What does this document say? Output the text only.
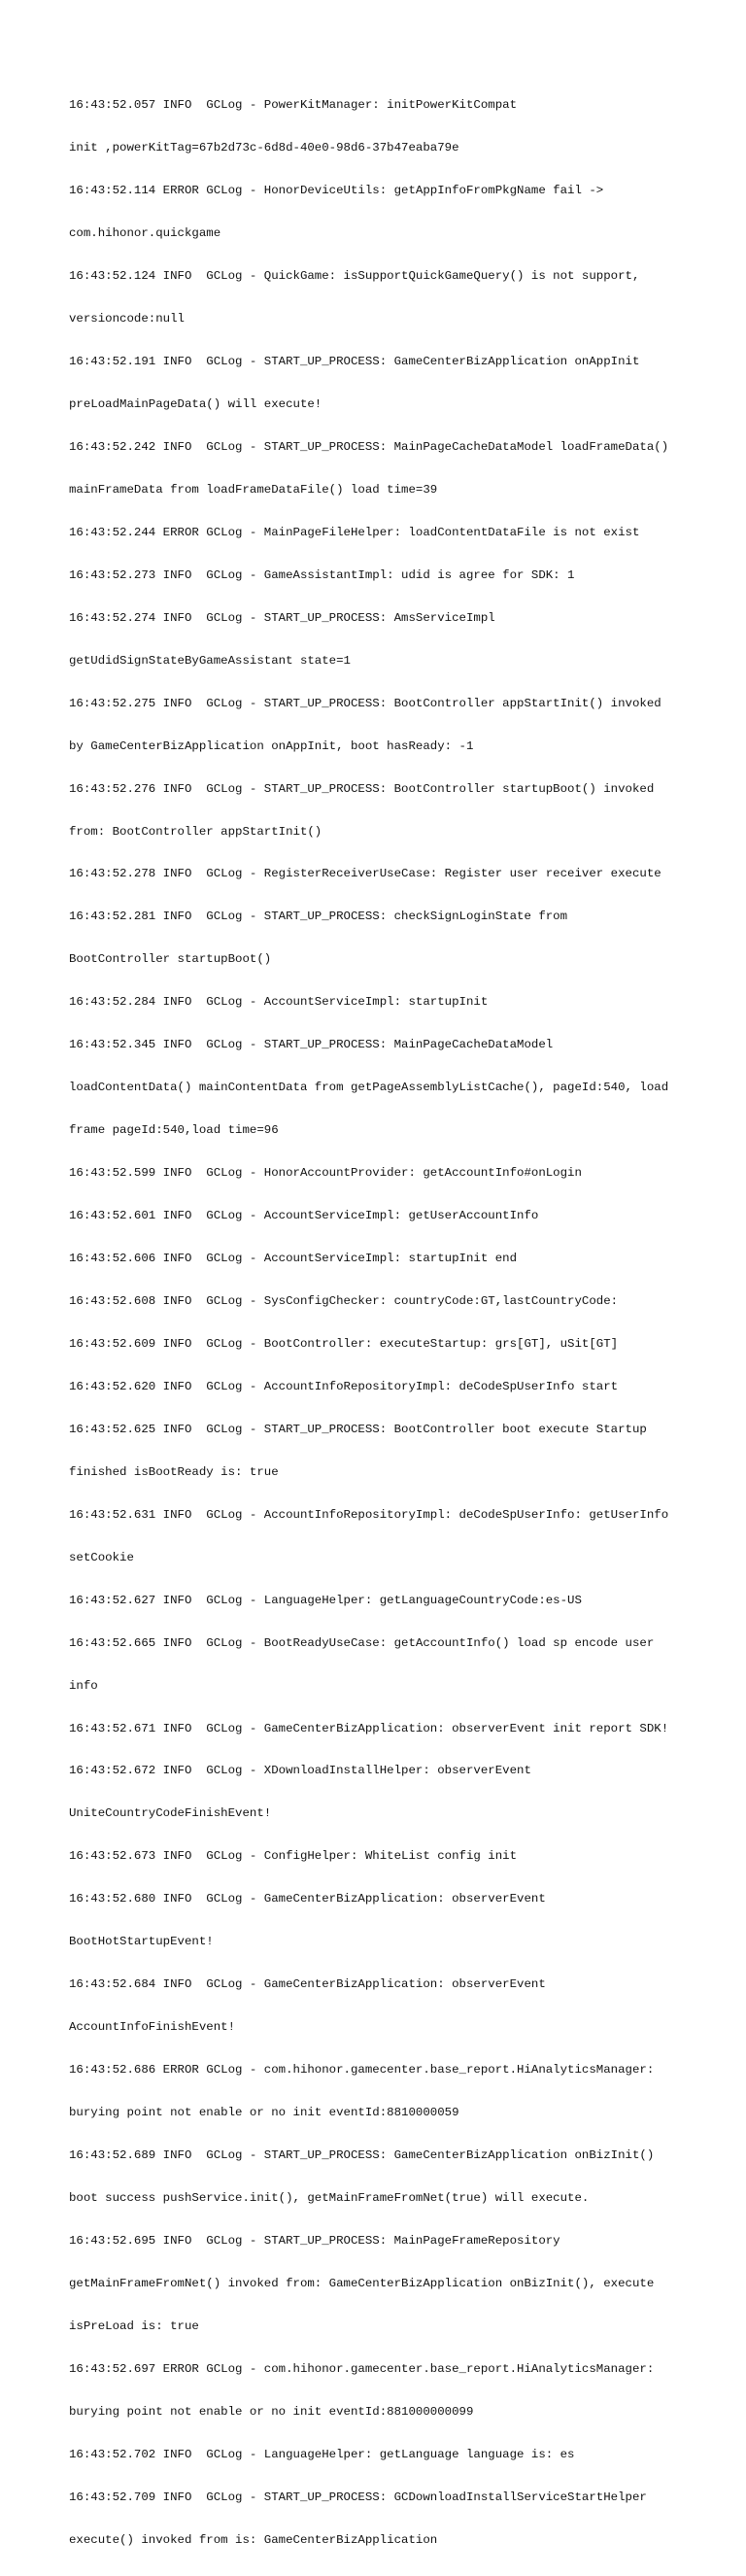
16:43:52.057 INFO  GCLog - PowerKitManager: initPowerKitCompat

init ,powerKitTag=67b2d73c-6d8d-40e0-98d6-37b47eaba79e

16:43:52.114 ERROR GCLog - HonorDeviceUtils: getAppInfoFromPkgName fail ->

com.hihonor.quickgame

16:43:52.124 INFO  GCLog - QuickGame: isSupportQuickGameQuery() is not support,

versioncode:null

16:43:52.191 INFO  GCLog - START_UP_PROCESS: GameCenterBizApplication onAppInit

preLoadMainPageData() will execute!

16:43:52.242 INFO  GCLog - START_UP_PROCESS: MainPageCacheDataModel loadFrameData()

mainFrameData from loadFrameDataFile() load time=39

16:43:52.244 ERROR GCLog - MainPageFileHelper: loadContentDataFile is not exist

16:43:52.273 INFO  GCLog - GameAssistantImpl: udid is agree for SDK: 1

16:43:52.274 INFO  GCLog - START_UP_PROCESS: AmsServiceImpl

getUdidSignStateByGameAssistant state=1

16:43:52.275 INFO  GCLog - START_UP_PROCESS: BootController appStartInit() invoked

by GameCenterBizApplication onAppInit, boot hasReady: -1

16:43:52.276 INFO  GCLog - START_UP_PROCESS: BootController startupBoot() invoked

from: BootController appStartInit()

16:43:52.278 INFO  GCLog - RegisterReceiverUseCase: Register user receiver execute

16:43:52.281 INFO  GCLog - START_UP_PROCESS: checkSignLoginState from

BootController startupBoot()

16:43:52.284 INFO  GCLog - AccountServiceImpl: startupInit

16:43:52.345 INFO  GCLog - START_UP_PROCESS: MainPageCacheDataModel

loadContentData() mainContentData from getPageAssemblyListCache(), pageId:540, load

frame pageId:540,load time=96

16:43:52.599 INFO  GCLog - HonorAccountProvider: getAccountInfo#onLogin

16:43:52.601 INFO  GCLog - AccountServiceImpl: getUserAccountInfo

16:43:52.606 INFO  GCLog - AccountServiceImpl: startupInit end

16:43:52.608 INFO  GCLog - SysConfigChecker: countryCode:GT,lastCountryCode:

16:43:52.609 INFO  GCLog - BootController: executeStartup: grs[GT], uSit[GT]

16:43:52.620 INFO  GCLog - AccountInfoRepositoryImpl: deCodeSpUserInfo start

16:43:52.625 INFO  GCLog - START_UP_PROCESS: BootController boot execute Startup

finished isBootReady is: true

16:43:52.631 INFO  GCLog - AccountInfoRepositoryImpl: deCodeSpUserInfo: getUserInfo

setCookie

16:43:52.627 INFO  GCLog - LanguageHelper: getLanguageCountryCode:es-US

16:43:52.665 INFO  GCLog - BootReadyUseCase: getAccountInfo() load sp encode user

info

16:43:52.671 INFO  GCLog - GameCenterBizApplication: observerEvent init report SDK!

16:43:52.672 INFO  GCLog - XDownloadInstallHelper: observerEvent

UniteCountryCodeFinishEvent!

16:43:52.673 INFO  GCLog - ConfigHelper: WhiteList config init

16:43:52.680 INFO  GCLog - GameCenterBizApplication: observerEvent

BootHotStartupEvent!

16:43:52.684 INFO  GCLog - GameCenterBizApplication: observerEvent

AccountInfoFinishEvent!

16:43:52.686 ERROR GCLog - com.hihonor.gamecenter.base_report.HiAnalyticsManager:

burying point not enable or no init eventId:8810000059

16:43:52.689 INFO  GCLog - START_UP_PROCESS: GameCenterBizApplication onBizInit()

boot success pushService.init(), getMainFrameFromNet(true) will execute.

16:43:52.695 INFO  GCLog - START_UP_PROCESS: MainPageFrameRepository

getMainFrameFromNet() invoked from: GameCenterBizApplication onBizInit(), execute

isPreLoad is: true

16:43:52.697 ERROR GCLog - com.hihonor.gamecenter.base_report.HiAnalyticsManager:

burying point not enable or no init eventId:881000000099

16:43:52.702 INFO  GCLog - LanguageHelper: getLanguage language is: es

16:43:52.709 INFO  GCLog - START_UP_PROCESS: GCDownloadInstallServiceStartHelper

execute() invoked from is: GameCenterBizApplication
